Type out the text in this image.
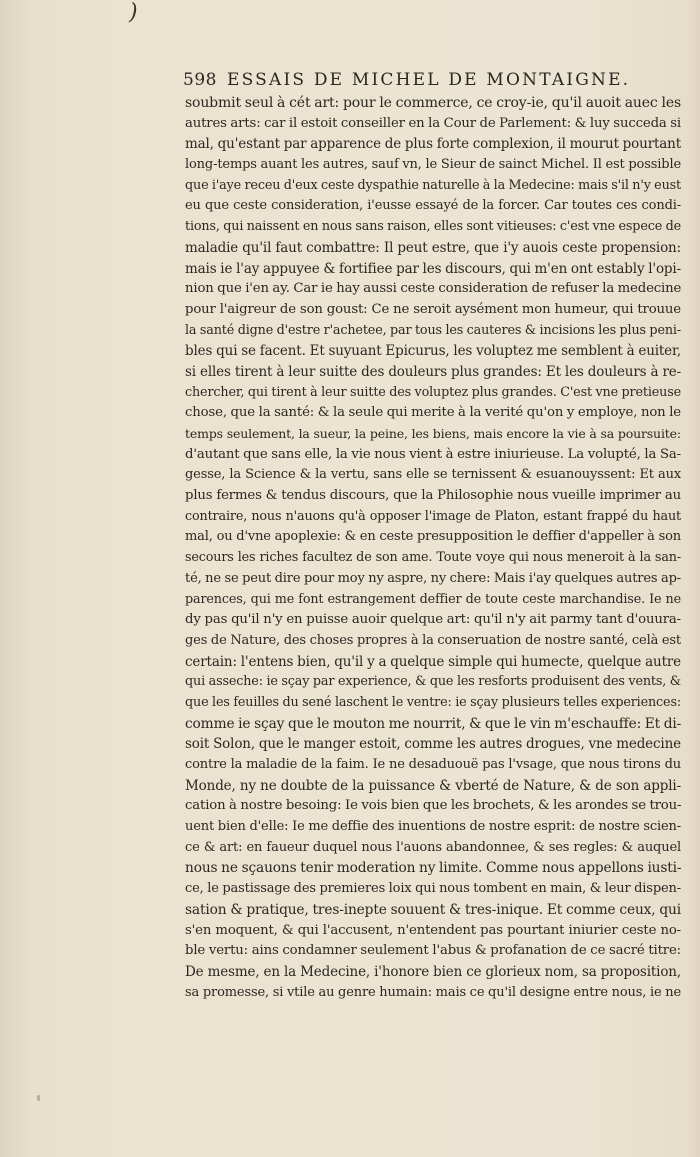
)
598 ESSAIS DE MICHEL DE MONTAIGNE.
soubmit seul à cét art: pour le commerce, ce croy-ie, qu'il auoit auec les
autres arts: car il estoit conseiller en la Cour de Parlement: & luy succeda si
mal, qu'estant par apparence de plus forte complexion, il mourut pourtant
long-temps auant les autres, sauf vn, le Sieur de sainct Michel. Il est possible
que i'aye receu d'eux ceste dyspathie naturelle à la Medecine: mais s'il n'y eust
eu que ceste consideration, i'eusse essayé de la forcer. Car toutes ces condi-
tions, qui naissent en nous sans raison, elles sont vitieuses: c'est vne espece de
maladie qu'il faut combattre: Il peut estre, que i'y auois ceste propension:
mais ie l'ay appuyee & fortifiee par les discours, qui m'en ont estably l'opi-
nion que i'en ay. Car ie hay aussi ceste consideration de refuser la medecine
pour l'aigreur de son goust: Ce ne seroit aysément mon humeur, qui trouue
la santé digne d'estre r'achetee, par tous les cauteres & incisions les plus peni-
bles qui se facent. Et suyuant Epicurus, les voluptez me semblent à euiter,
si elles tirent à leur suitte des douleurs plus grandes: Et les douleurs à re-
chercher, qui tirent à leur suitte des voluptez plus grandes. C'est vne pretieuse
chose, que la santé: & la seule qui merite à la verité qu'on y employe, non le
temps seulement, la sueur, la peine, les biens, mais encore la vie à sa poursuite:
d'autant que sans elle, la vie nous vient à estre iniurieuse. La volupté, la Sa-
gesse, la Science & la vertu, sans elle se ternissent & esuanouyssent: Et aux
plus fermes & tendus discours, que la Philosophie nous vueille imprimer au
contraire, nous n'auons qu'à opposer l'image de Platon, estant frappé du haut
mal, ou d'vne apoplexie: & en ceste presupposition le deffier d'appeller à son
secours les riches facultez de son ame. Toute voye qui nous meneroit à la san-
té, ne se peut dire pour moy ny aspre, ny chere: Mais i'ay quelques autres ap-
parences, qui me font estrangement deffier de toute ceste marchandise. Ie ne
dy pas qu'il n'y en puisse auoir quelque art: qu'il n'y ait parmy tant d'ouura-
ges de Nature, des choses propres à la conseruation de nostre santé, celà est
certain: l'entens bien, qu'il y a quelque simple qui humecte, quelque autre
qui asseche: ie sçay par experience, & que les resforts produisent des vents, &
que les feuilles du sené laschent le ventre: ie sçay plusieurs telles experiences:
comme ie sçay que le mouton me nourrit, & que le vin m'eschauffe: Et di-
soit Solon, que le manger estoit, comme les autres drogues, vne medecine
contre la maladie de la faim. Ie ne desaduouë pas l'vsage, que nous tirons du
Monde, ny ne doubte de la puissance & vberté de Nature, & de son appli-
cation à nostre besoing: Ie vois bien que les brochets, & les arondes se trou-
uent bien d'elle: Ie me deffie des inuentions de nostre esprit: de nostre scien-
ce & art: en faueur duquel nous l'auons abandonnee, & ses regles: & auquel
nous ne sçauons tenir moderation ny limite. Comme nous appellons iusti-
ce, le pastissage des premieres loix qui nous tombent en main, & leur dispen-
sation & pratique, tres-inepte souuent & tres-inique. Et comme ceux, qui
s'en moquent, & qui l'accusent, n'entendent pas pourtant iniurier ceste no-
ble vertu: ains condamner seulement l'abus & profanation de ce sacré titre:
De mesme, en la Medecine, i'honore bien ce glorieux nom, sa proposition,
sa promesse, si vtile au genre humain: mais ce qu'il designe entre nous, ie ne
